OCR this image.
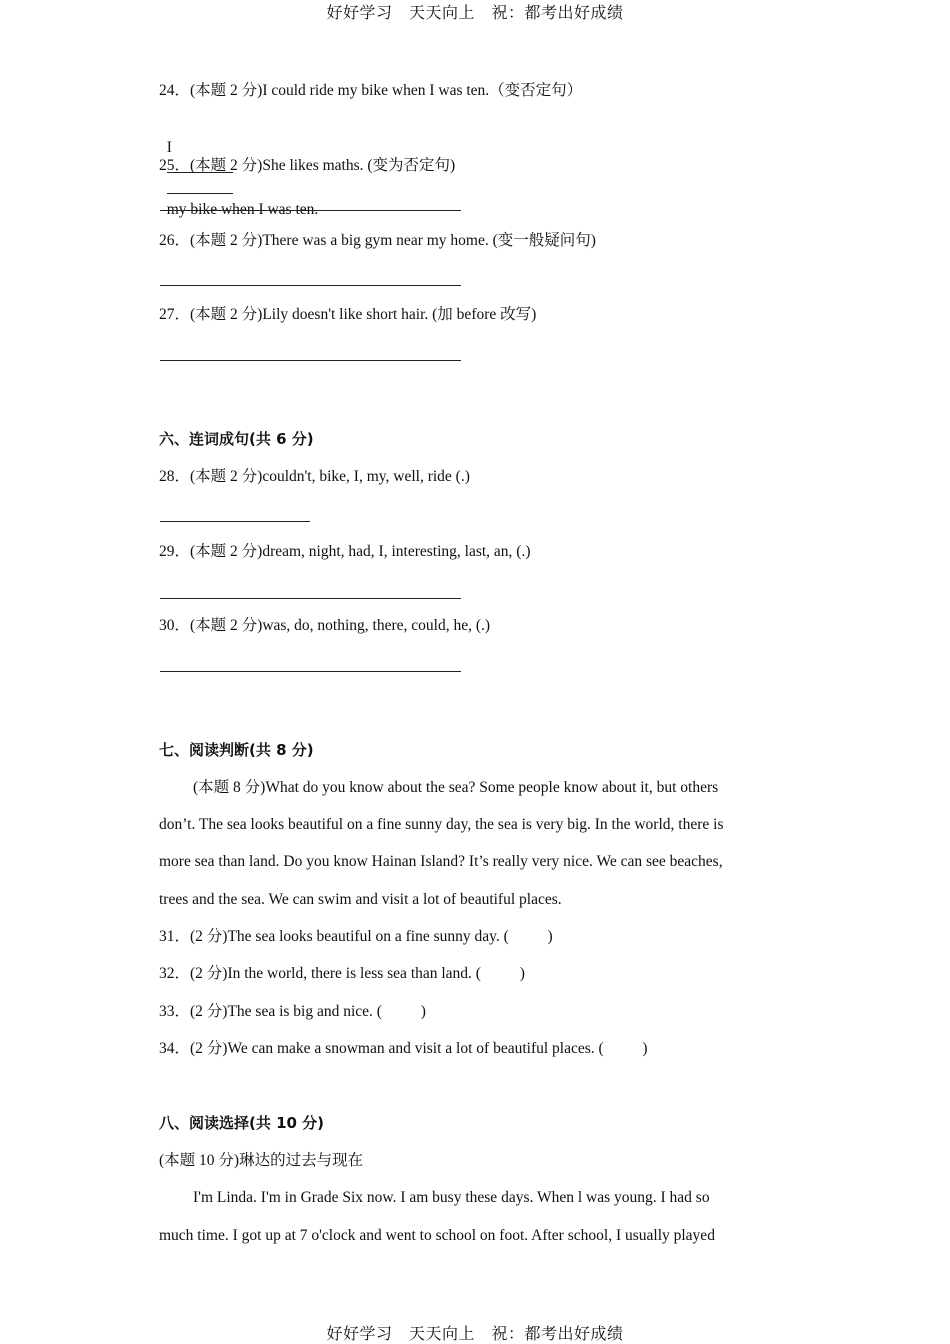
好好学习　天天向上　祝：都考出好成绩
24．(本题 2 分)I could ride my bike when I was ten.（变否定句）

I

my bike when I was ten.

25．(本题 2 分)She likes maths. (变为否定句)
26．(本题 2 分)There was a big gym near my home. (变一般疑问句)
27．(本题 2 分)Lily doesn't like short hair. (加 before 改写)
六、连词成句(共 6 分)
28．(本题 2 分)couldn't, bike, I, my, well, ride (.)
29．(本题 2 分)dream, night, had, I, interesting, last, an, (.)
30．(本题 2 分)was, do, nothing, there, could, he, (.)
七、阅读判断(共 8 分)
(本题 8 分)What do you know about the sea? Some people know about it, but others
don’t. The sea looks beautiful on a fine sunny day, the sea is very big. In the world, there is
more sea than land. Do you know Hainan Island? It’s really very nice. We can see beaches,
trees and the sea. We can swim and visit a lot of beautiful places.
31．(2 分)The sea looks beautiful on a fine sunny day. (          )
32．(2 分)In the world, there is less sea than land. (          )
33．(2 分)The sea is big and nice. (          )
34．(2 分)We can make a snowman and visit a lot of beautiful places. (          )
八、阅读选择(共 10 分)
(本题 10 分)琳达的过去与现在
I'm Linda. I'm in Grade Six now. I am busy these days. When l was young. I had so
much time. I got up at 7 o'clock and went to school on foot. After school, I usually played
好好学习　天天向上　祝：都考出好成绩
